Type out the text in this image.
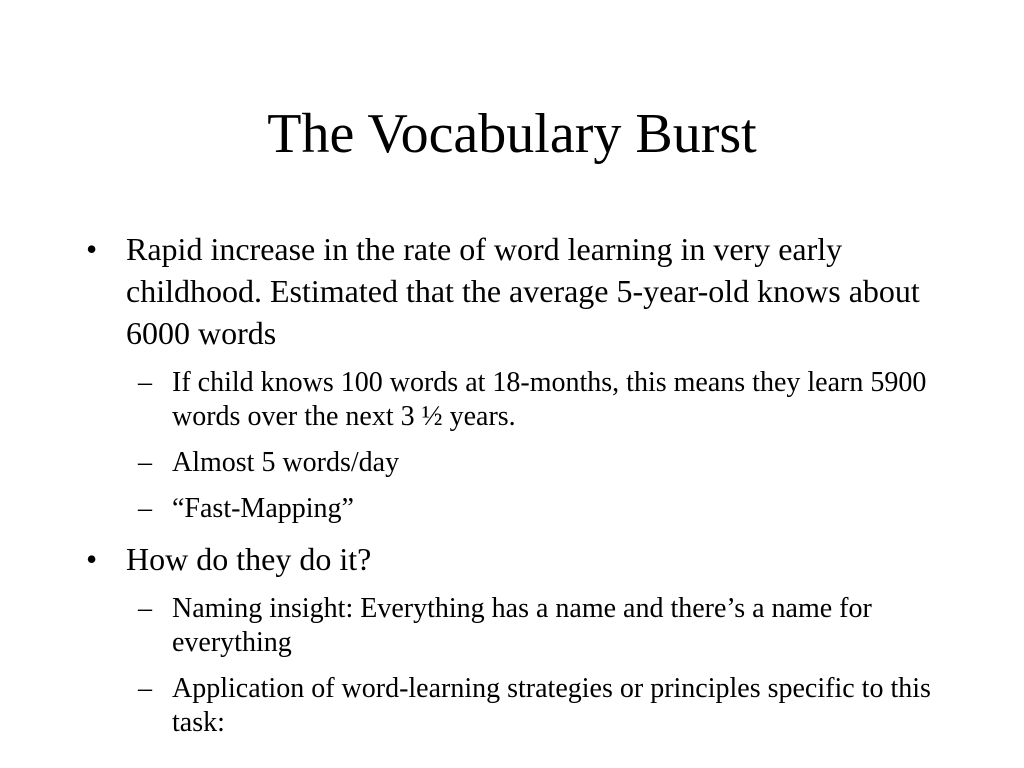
The Vocabulary Burst
• Rapid increase in the rate of word learning in very early childhood. Estimated that the average 5-year-old knows about 6000 words
– If child knows 100 words at 18-months, this means they learn 5900 words over the next 3 ½ years.
– Almost 5 words/day
– “Fast-Mapping”
• How do they do it?
– Naming insight: Everything has a name and there’s a name for everything
– Application of word-learning strategies or principles specific to this task:
